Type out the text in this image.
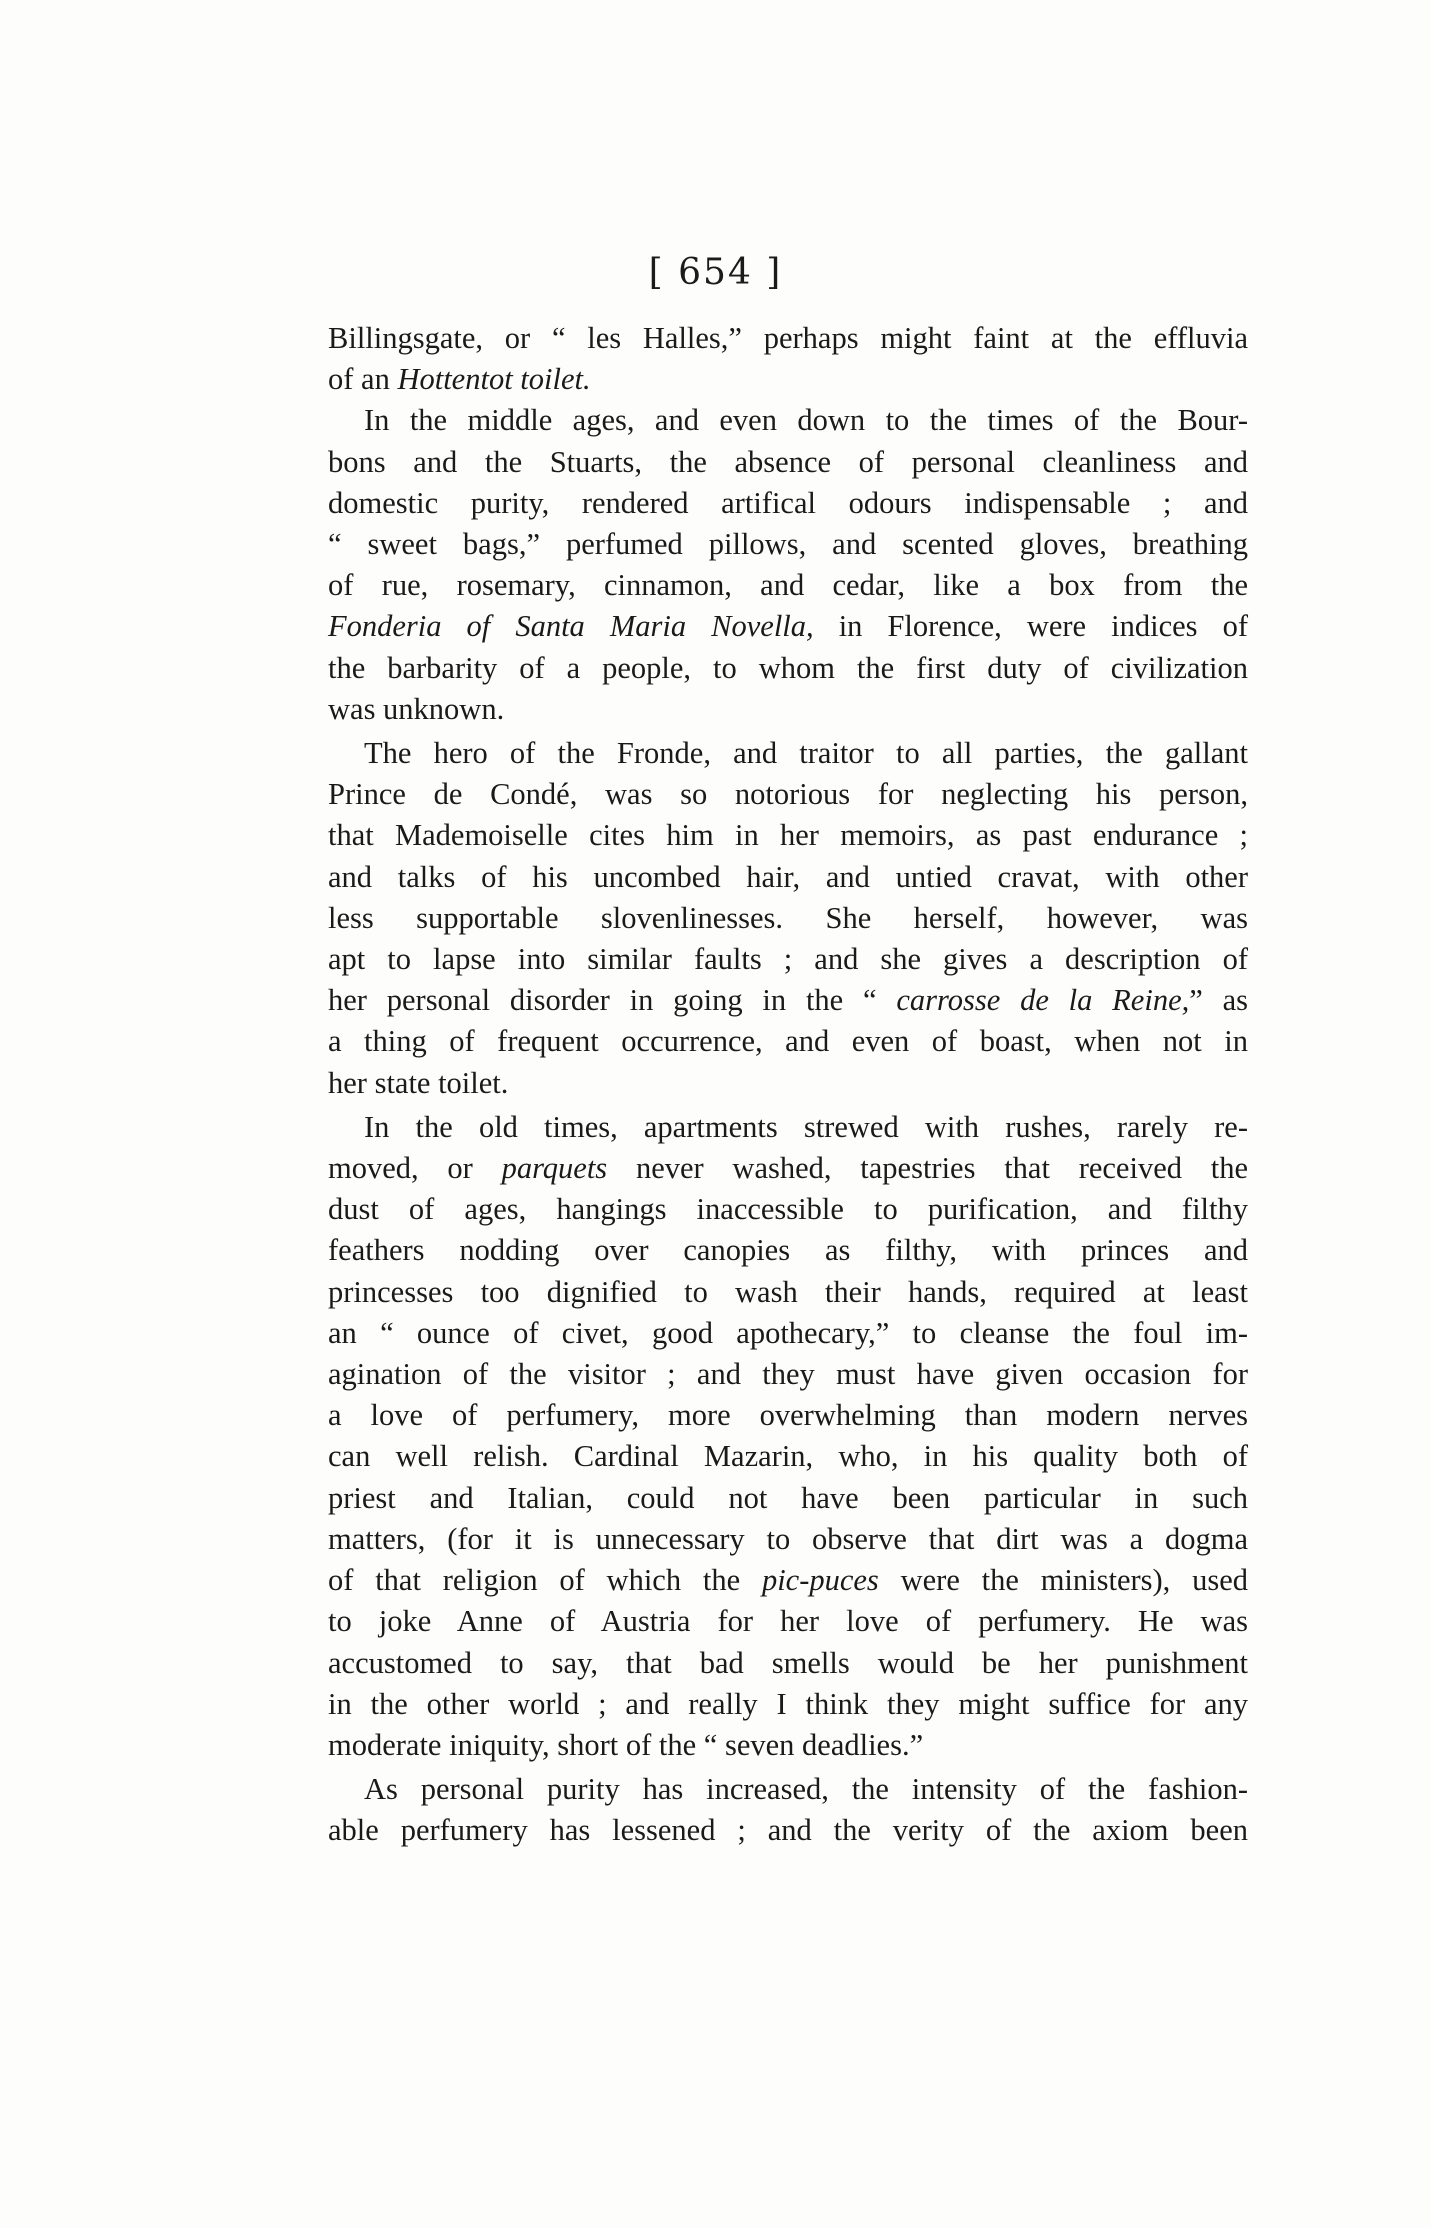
[ 654 ]
Billingsgate, or “ les Halles,” perhaps might faint at the effluvia
of an Hottentot toilet.
In the middle ages, and even down to the times of the Bour-
bons and the Stuarts, the absence of personal cleanliness and
domestic purity, rendered artifical odours indispensable ; and
“ sweet bags,” perfumed pillows, and scented gloves, breathing
of rue, rosemary, cinnamon, and cedar, like a box from the
Fonderia of Santa Maria Novella, in Florence, were indices of
the barbarity of a people, to whom the first duty of civilization
was unknown.
The hero of the Fronde, and traitor to all parties, the gallant
Prince de Condé, was so notorious for neglecting his person,
that Mademoiselle cites him in her memoirs, as past endurance ;
and talks of his uncombed hair, and untied cravat, with other
less supportable slovenlinesses. She herself, however, was
apt to lapse into similar faults ; and she gives a description of
her personal disorder in going in the “ carrosse de la Reine,” as
a thing of frequent occurrence, and even of boast, when not in
her state toilet.
In the old times, apartments strewed with rushes, rarely re-
moved, or parquets never washed, tapestries that received the
dust of ages, hangings inaccessible to purification, and filthy
feathers nodding over canopies as filthy, with princes and
princesses too dignified to wash their hands, required at least
an “ ounce of civet, good apothecary,” to cleanse the foul im-
agination of the visitor ; and they must have given occasion for
a love of perfumery, more overwhelming than modern nerves
can well relish. Cardinal Mazarin, who, in his quality both of
priest and Italian, could not have been particular in such
matters, (for it is unnecessary to observe that dirt was a dogma
of that religion of which the pic-puces were the ministers), used
to joke Anne of Austria for her love of perfumery. He was
accustomed to say, that bad smells would be her punishment
in the other world ; and really I think they might suffice for any
moderate iniquity, short of the “ seven deadlies.”
As personal purity has increased, the intensity of the fashion-
able perfumery has lessened ; and the verity of the axiom been
